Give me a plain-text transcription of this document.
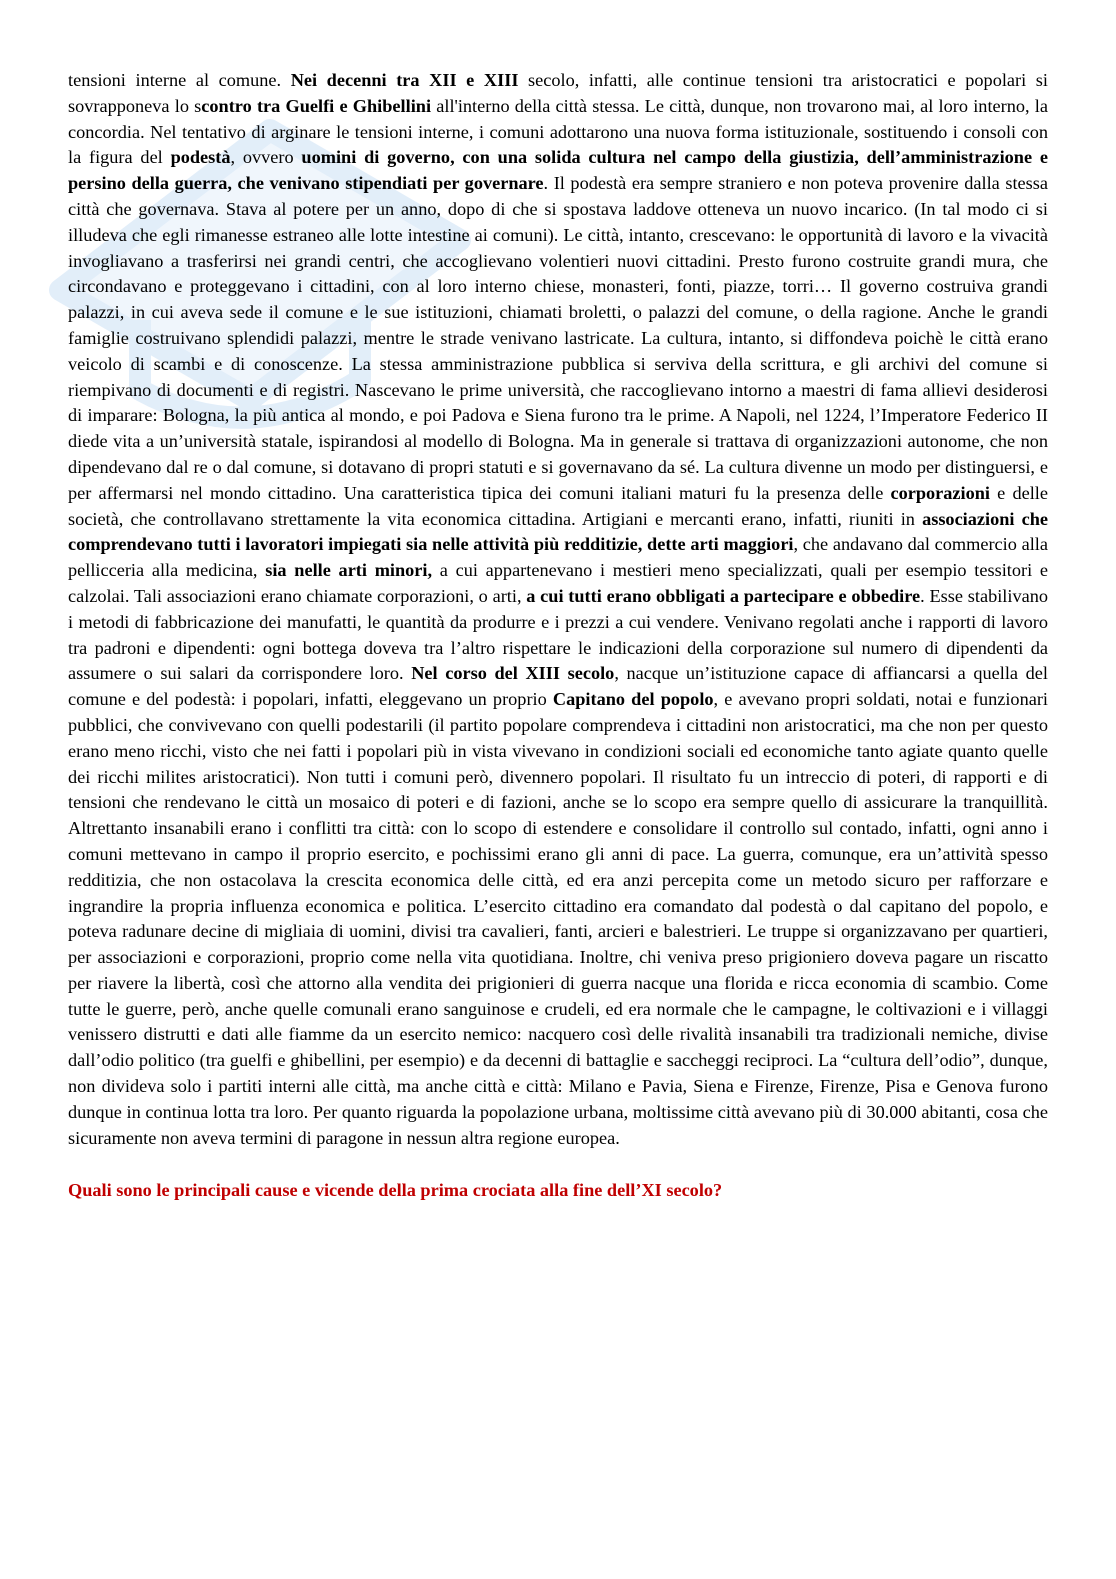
tensioni interne al comune. Nei decenni tra XII e XIII secolo, infatti, alle continue tensioni tra aristocratici e popolari si sovrapponeva lo scontro tra Guelfi e Ghibellini all'interno della città stessa. Le città, dunque, non trovarono mai, al loro interno, la concordia. Nel tentativo di arginare le tensioni interne, i comuni adottarono una nuova forma istituzionale, sostituendo i consoli con la figura del podestà, ovvero uomini di governo, con una solida cultura nel campo della giustizia, dell’amministrazione e persino della guerra, che venivano stipendiati per governare. Il podestà era sempre straniero e non poteva provenire dalla stessa città che governava. Stava al potere per un anno, dopo di che si spostava laddove otteneva un nuovo incarico. (In tal modo ci si illudeva che egli rimanesse estraneo alle lotte intestine ai comuni). Le città, intanto, crescevano: le opportunità di lavoro e la vivacità invogliavano a trasferirsi nei grandi centri, che accoglievano volentieri nuovi cittadini. Presto furono costruite grandi mura, che circondavano e proteggevano i cittadini, con al loro interno chiese, monasteri, fonti, piazze, torri… Il governo costruiva grandi palazzi, in cui aveva sede il comune e le sue istituzioni, chiamati broletti, o palazzi del comune, o della ragione. Anche le grandi famiglie costruivano splendidi palazzi, mentre le strade venivano lastricate. La cultura, intanto, si diffondeva poichè le città erano veicolo di scambi e di conoscenze. La stessa amministrazione pubblica si serviva della scrittura, e gli archivi del comune si riempivano di documenti e di registri. Nascevano le prime università, che raccoglievano intorno a maestri di fama allievi desiderosi di imparare: Bologna, la più antica al mondo, e poi Padova e Siena furono tra le prime. A Napoli, nel 1224, l’Imperatore Federico II diede vita a un’università statale, ispirandosi al modello di Bologna. Ma in generale si trattava di organizzazioni autonome, che non dipendevano dal re o dal comune, si dotavano di propri statuti e si governavano da sé. La cultura divenne un modo per distinguersi, e per affermarsi nel mondo cittadino. Una caratteristica tipica dei comuni italiani maturi fu la presenza delle corporazioni e delle società, che controllavano strettamente la vita economica cittadina. Artigiani e mercanti erano, infatti, riuniti in associazioni che comprendevano tutti i lavoratori impiegati sia nelle attività più redditizie, dette arti maggiori, che andavano dal commercio alla pellicceria alla medicina, sia nelle arti minori, a cui appartenevano i mestieri meno specializzati, quali per esempio tessitori e calzolai. Tali associazioni erano chiamate corporazioni, o arti, a cui tutti erano obbligati a partecipare e obbedire. Esse stabilivano i metodi di fabbricazione dei manufatti, le quantità da produrre e i prezzi a cui vendere. Venivano regolati anche i rapporti di lavoro tra padroni e dipendenti: ogni bottega doveva tra l’altro rispettare le indicazioni della corporazione sul numero di dipendenti da assumere o sui salari da corrispondere loro. Nel corso del XIII secolo, nacque un’istituzione capace di affiancarsi a quella del comune e del podestà: i popolari, infatti, eleggevano un proprio Capitano del popolo, e avevano propri soldati, notai e funzionari pubblici, che convivevano con quelli podestarili (il partito popolare comprendeva i cittadini non aristocratici, ma che non per questo erano meno ricchi, visto che nei fatti i popolari più in vista vivevano in condizioni sociali ed economiche tanto agiate quanto quelle dei ricchi milites aristocratici). Non tutti i comuni però, divennero popolari. Il risultato fu un intreccio di poteri, di rapporti e di tensioni che rendevano le città un mosaico di poteri e di fazioni, anche se lo scopo era sempre quello di assicurare la tranquillità. Altrettanto insanabili erano i conflitti tra città: con lo scopo di estendere e consolidare il controllo sul contado, infatti, ogni anno i comuni mettevano in campo il proprio esercito, e pochissimi erano gli anni di pace. La guerra, comunque, era un’attività spesso redditizia, che non ostacolava la crescita economica delle città, ed era anzi percepita come un metodo sicuro per rafforzare e ingrandire la propria influenza economica e politica. L’esercito cittadino era comandato dal podestà o dal capitano del popolo, e poteva radunare decine di migliaia di uomini, divisi tra cavalieri, fanti, arcieri e balestrieri. Le truppe si organizzavano per quartieri, per associazioni e corporazioni, proprio come nella vita quotidiana. Inoltre, chi veniva preso prigioniero doveva pagare un riscatto per riavere la libertà, così che attorno alla vendita dei prigionieri di guerra nacque una florida e ricca economia di scambio. Come tutte le guerre, però, anche quelle comunali erano sanguinose e crudeli, ed era normale che le campagne, le coltivazioni e i villaggi venissero distrutti e dati alle fiamme da un esercito nemico: nacquero così delle rivalità insanabili tra tradizionali nemiche, divise dall’odio politico (tra guelfi e ghibellini, per esempio) e da decenni di battaglie e saccheggi reciproci. La “cultura dell’odio”, dunque, non divideva solo i partiti interni alle città, ma anche città e città: Milano e Pavia, Siena e Firenze, Firenze, Pisa e Genova furono dunque in continua lotta tra loro. Per quanto riguarda la popolazione urbana, moltissime città avevano più di 30.000 abitanti, cosa che sicuramente non aveva termini di paragone in nessun altra regione europea.

Quali sono le principali cause e vicende della prima crociata alla fine dell’XI secolo?
